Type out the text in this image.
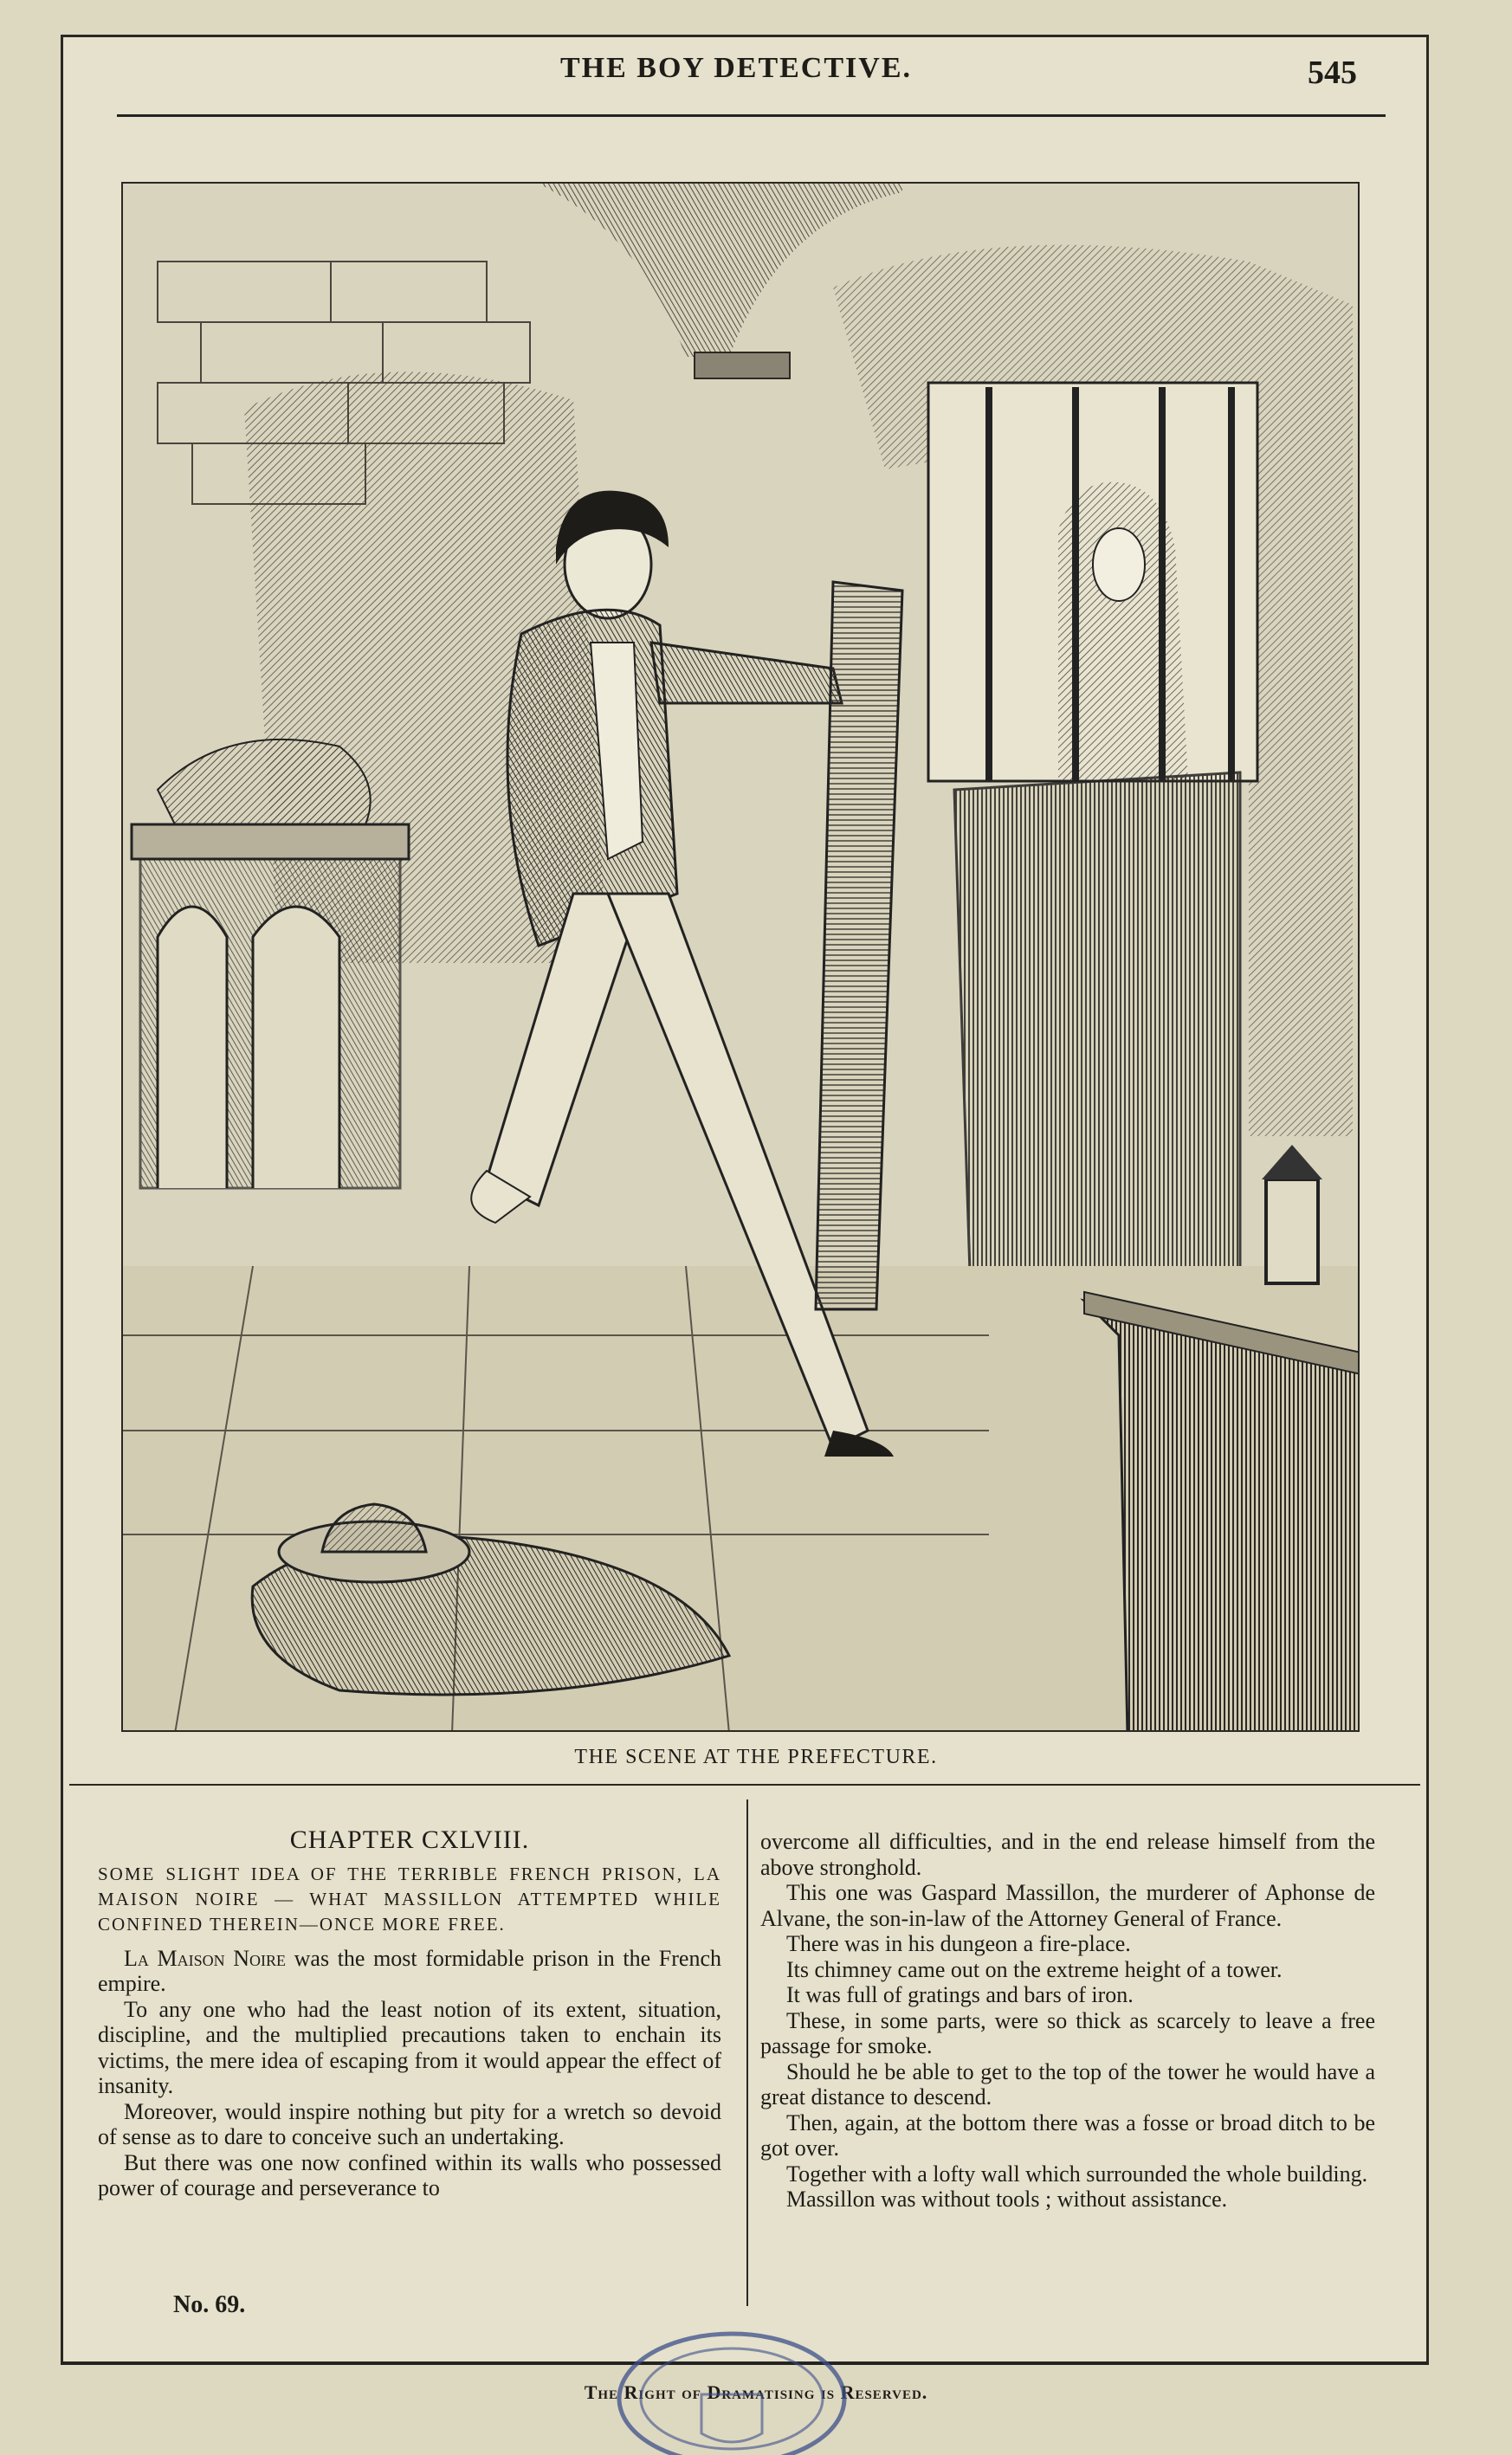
THE BOY DETECTIVE.	545
THE SCENE AT THE PREFECTURE.
CHAPTER CXLVIII.
SOME SLIGHT IDEA OF THE TERRIBLE FRENCH PRISON, LA MAISON NOIRE — WHAT MASSILLON ATTEMPTED WHILE CONFINED THEREIN—ONCE MORE FREE.

La Maison Noire was the most formidable prison in the French empire.

To any one who had the least notion of its extent, situation, discipline, and the multiplied precautions taken to enchain its victims, the mere idea of escaping from it would appear the effect of insanity.

Moreover, would inspire nothing but pity for a wretch so devoid of sense as to dare to conceive such an undertaking.

But there was one now confined within its walls who possessed power of courage and perseverance to

overcome all difficulties, and in the end release himself from the above stronghold.

This one was Gaspard Massillon, the murderer of Aphonse de Alvane, the son-in-law of the Attorney General of France.

There was in his dungeon a fire-place.

Its chimney came out on the extreme height of a tower.

It was full of gratings and bars of iron.

These, in some parts, were so thick as scarcely to leave a free passage for smoke.

Should he be able to get to the top of the tower he would have a great distance to descend.

Then, again, at the bottom there was a fosse or broad ditch to be got over.

Together with a lofty wall which surrounded the whole building.

Massillon was without tools ; without assistance.

No. 69.
The Right of Dramatising is Reserved.
